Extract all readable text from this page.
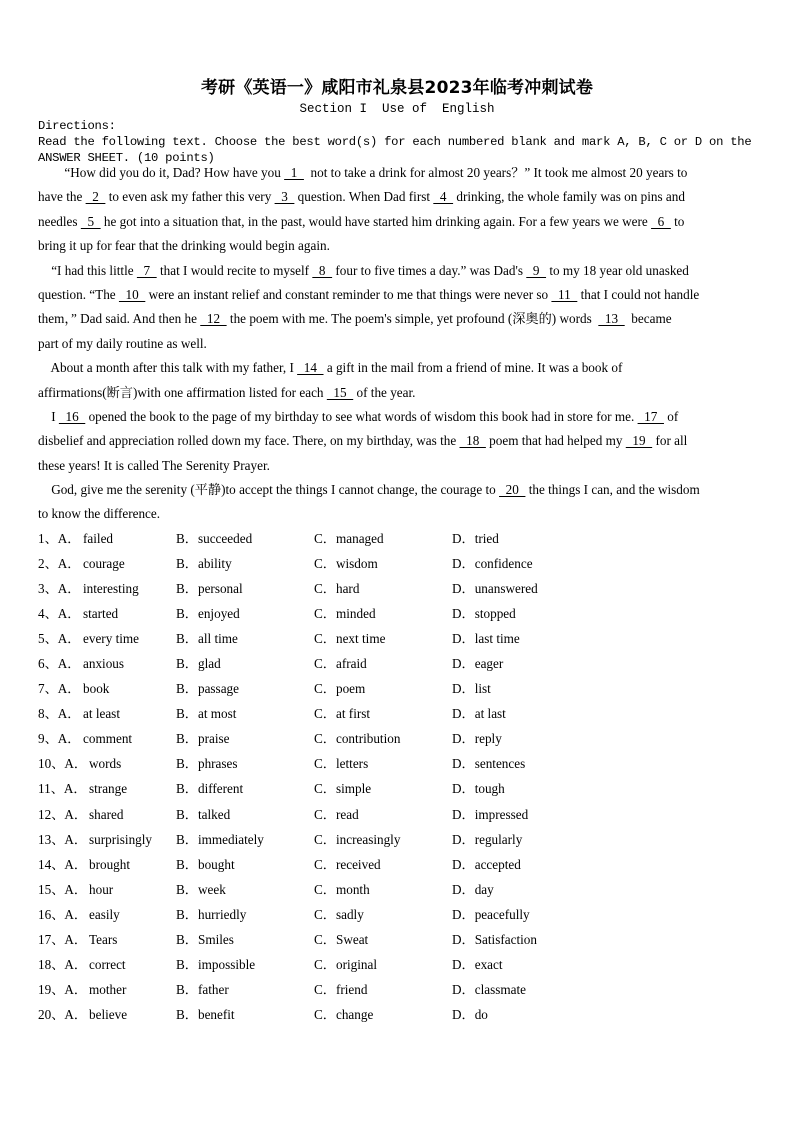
考研《英语一》咸阳市礼泉县2023年临考冲刺试卷
Section I  Use of  English
Directions:
Read the following text. Choose the best word(s) for each numbered blank and mark A, B, C or D on the
ANSWER SHEET. (10 points)
“How did you do it, Dad? How have you   1    not to take a drink for almost 20 years？” It took me almost 20 years to
have the   2   to even ask my father this very   3   question. When Dad first   4   drinking, the whole family was on pins and
needles   5   he got into a situation that, in the past, would have started him drinking again. For a few years we were   6   to
bring it up for fear that the drinking would begin again.
“I had this little   7   that I would recite to myself   8   four to five times a day.” was Dad's   9   to my 18 year old unasked
question. “The   10   were an instant relief and constant reminder to me that things were never so   11   that I could not handle
them，” Dad said. And then he   12   the poem with me. The poem's simple, yet profound (深奥的) words    13    became
part of my daily routine as well.
About a month after this talk with my father, I   14   a gift in the mail from a friend of mine. It was a book of
affirmations(断言)with one affirmation listed for each   15   of the year.
I   16   opened the book to the page of my birthday to see what words of wisdom this book had in store for me.   17   of
disbelief and appreciation rolled down my face. There, on my birthday, was the   18   poem that had helped my   19   for all
these years! It is called The Serenity Prayer.
God, give me the serenity (平静)to accept the things I cannot change, the courage to   20   the things I can, and the wisdom
to know the difference.
1、A． failed	B．succeeded	C．managed	D．tried
2、A． courage	B．ability	C．wisdom	D．confidence
3、A． interesting	B．personal	C．hard	D．unanswered
4、A． started	B．enjoyed	C．minded	D．stopped
5、A． every time	B．all time	C．next time	D．last time
6、A． anxious	B．glad	C．afraid	D．eager
7、A． book	B．passage	C．poem	D．list
8、A． at least	B．at most	C．at first	D．at last
9、A． comment	B．praise	C．contribution	D．reply
10、A． words	B．phrases	C．letters	D．sentences
11、A． strange	B．different	C．simple	D．tough
12、A． shared	B．talked	C．read	D．impressed
13、A． surprisingly B．immediately	C．increasingly	D．regularly
14、A． brought	B．bought	C．received	D．accepted
15、A． hour	B．week	C．month	D．day
16、A． easily	B．hurriedly	C．sadly	D．peacefully
17、A． Tears	B．Smiles	C．Sweat	D．Satisfaction
18、A． correct	B．impossible	C．original	D．exact
19、A． mother	B．father	C．friend	D．classmate
20、A． believe	B．benefit	C．change	D．do
